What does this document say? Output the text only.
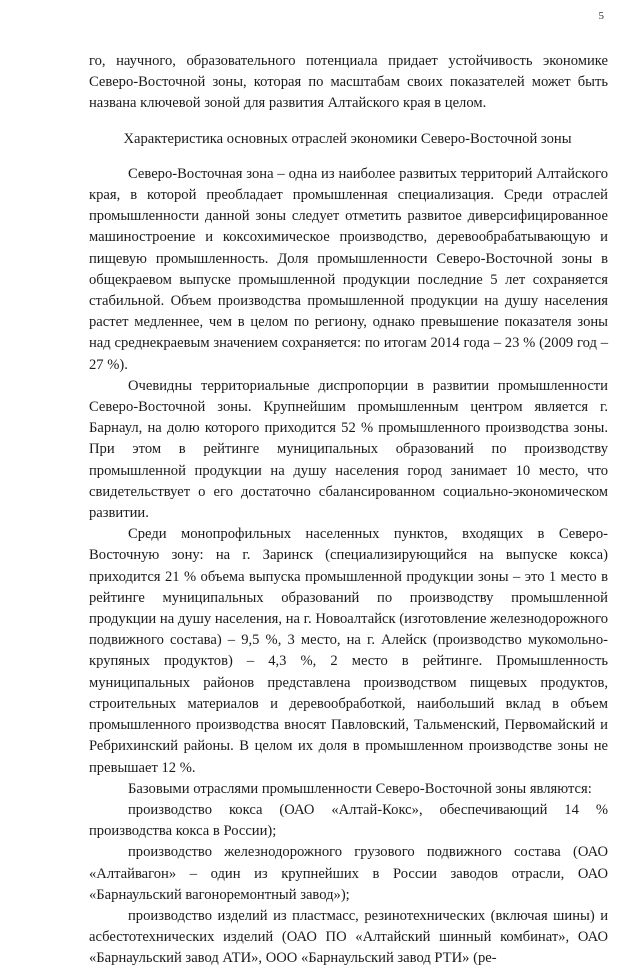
5

го, научного, образовательного потенциала придает устойчивость экономике Северо-Восточной зоны, которая по масштабам своих показателей может быть названа ключевой зоной для развития Алтайского края в целом.

Характеристика основных отраслей экономики Северо-Восточной зоны

Северо-Восточная зона – одна из наиболее развитых территорий Алтайского края, в которой преобладает промышленная специализация. Среди отраслей промышленности данной зоны следует отметить развитое диверсифицированное машиностроение и коксохимическое производство, деревообрабатывающую и пищевую промышленность. Доля промышленности Северо-Восточной зоны в общекраевом выпуске промышленной продукции последние 5 лет сохраняется стабильной. Объем производства промышленной продукции на душу населения растет медленнее, чем в целом по региону, однако превышение показателя зоны над среднекраевым значением сохраняется: по итогам 2014 года – 23 % (2009 год – 27 %).

Очевидны территориальные диспропорции в развитии промышленности Северо-Восточной зоны. Крупнейшим промышленным центром является г. Барнаул, на долю которого приходится 52 % промышленного производства зоны. При этом в рейтинге муниципальных образований по производству промышленной продукции на душу населения город занимает 10 место, что свидетельствует о его достаточно сбалансированном социально-экономическом развитии.

Среди монопрофильных населенных пунктов, входящих в Северо-Восточную зону: на г. Заринск (специализирующийся на выпуске кокса) приходится 21 % объема выпуска промышленной продукции зоны – это 1 место в рейтинге муниципальных образований по производству промышленной продукции на душу населения, на г. Новоалтайск (изготовление железнодорожного подвижного состава) – 9,5 %, 3 место, на г. Алейск (производство мукомольно-крупяных продуктов) – 4,3 %, 2 место в рейтинге. Промышленность муниципальных районов представлена производством пищевых продуктов, строительных материалов и деревообработкой, наибольший вклад в объем промышленного производства вносят Павловский, Тальменский, Первомайский и Ребрихинский районы. В целом их доля в промышленном производстве зоны не превышает 12 %.

Базовыми отраслями промышленности Северо-Восточной зоны являются:

производство кокса (ОАО «Алтай-Кокс», обеспечивающий 14 % производства кокса в России);

производство железнодорожного грузового подвижного состава (ОАО «Алтайвагон» – один из крупнейших в России заводов отрасли, ОАО «Барнаульский вагоноремонтный завод»);

производство изделий из пластмасс, резинотехнических (включая шины) и асбестотехнических изделий (ОАО ПО «Алтайский шинный комбинат», ОАО «Барнаульский завод АТИ», ООО «Барнаульский завод РТИ» (ре-
